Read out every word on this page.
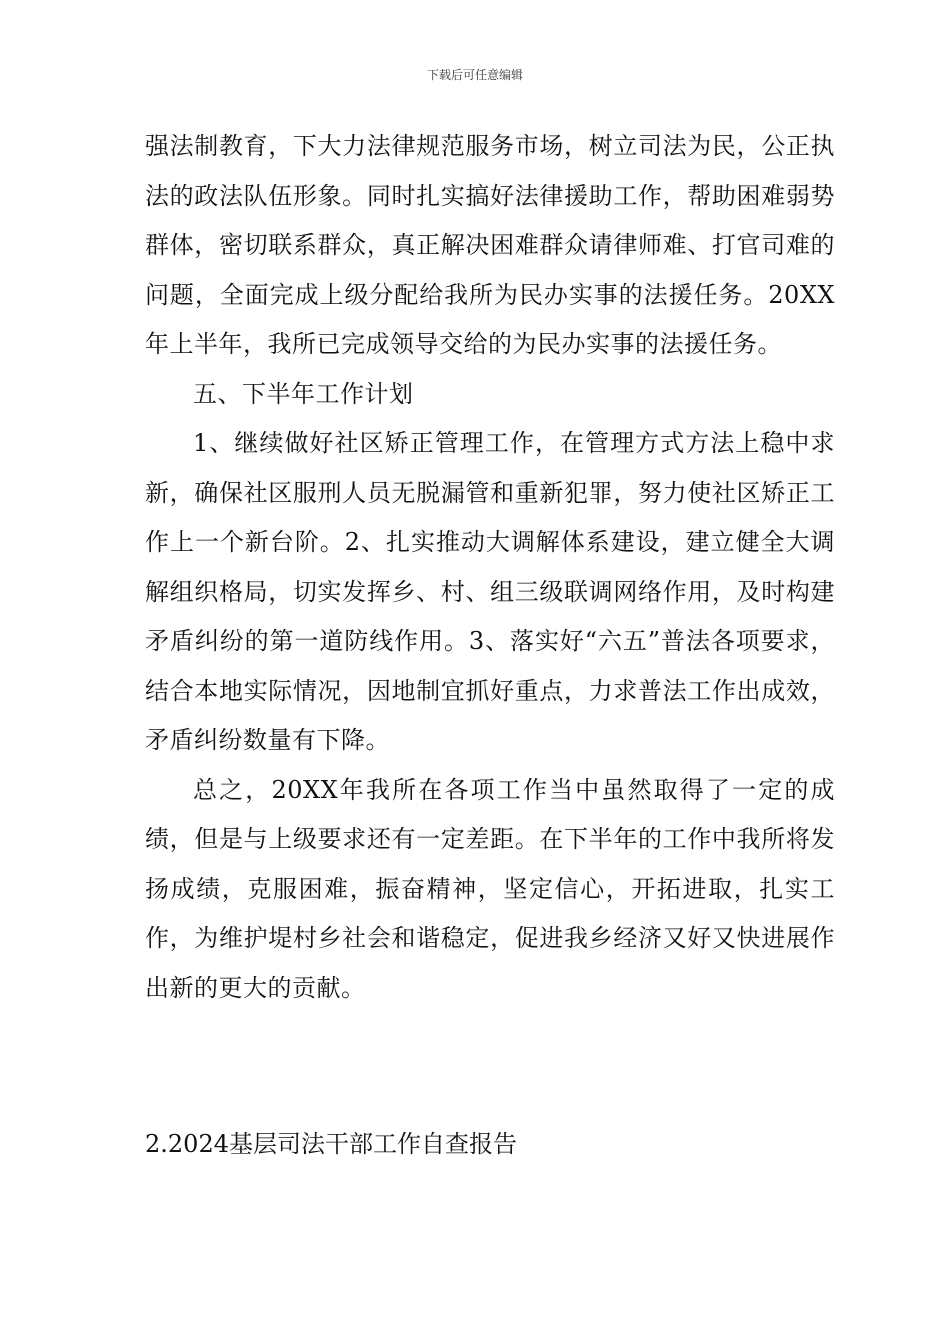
下载后可任意编辑

强法制教育，下大力法律规范服务市场，树立司法为民，公正执法的政法队伍形象。同时扎实搞好法律援助工作，帮助困难弱势群体，密切联系群众，真正解决困难群众请律师难、打官司难的问题，全面完成上级分配给我所为民办实事的法援任务。20XX年上半年，我所已完成领导交给的为民办实事的法援任务。

五、下半年工作计划

1、继续做好社区矫正管理工作，在管理方式方法上稳中求新，确保社区服刑人员无脱漏管和重新犯罪，努力使社区矫正工作上一个新台阶。2、扎实推动大调解体系建设，建立健全大调解组织格局，切实发挥乡、村、组三级联调网络作用，及时构建矛盾纠纷的第一道防线作用。3、落实好“六五”普法各项要求，结合本地实际情况，因地制宜抓好重点，力求普法工作出成效，矛盾纠纷数量有下降。

总之，20XX年我所在各项工作当中虽然取得了一定的成绩，但是与上级要求还有一定差距。在下半年的工作中我所将发扬成绩，克服困难，振奋精神，坚定信心，开拓进取，扎实工作，为维护堤村乡社会和谐稳定，促进我乡经济又好又快进展作出新的更大的贡献。

2.2024基层司法干部工作自查报告
